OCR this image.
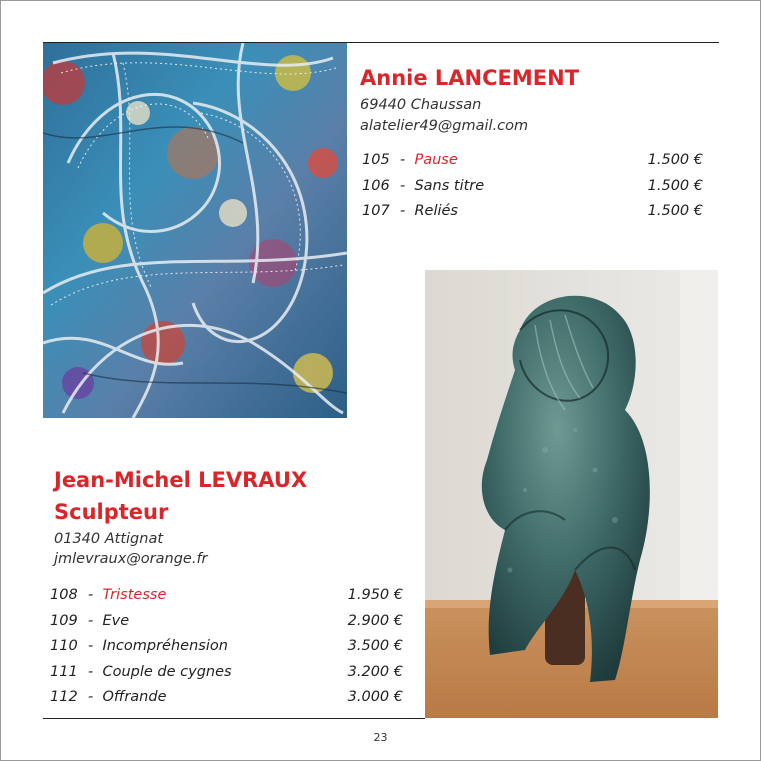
Annie LANCEMENT
69440 Chaussan
alatelier49@gmail.com
105 -  Pause	1.500 €
106 -  Sans titre	1.500 €
107 -  Reliés	1.500 €
Jean-Michel LEVRAUX
Sculpteur
01340 Attignat
jmlevraux@orange.fr
108 -  Tristesse	1.950 €
109 -  Eve	2.900 €
110 -  Incompréhension	3.500 €
111 -  Couple de cygnes	3.200 €
112 -  Offrande	3.000 €
23
